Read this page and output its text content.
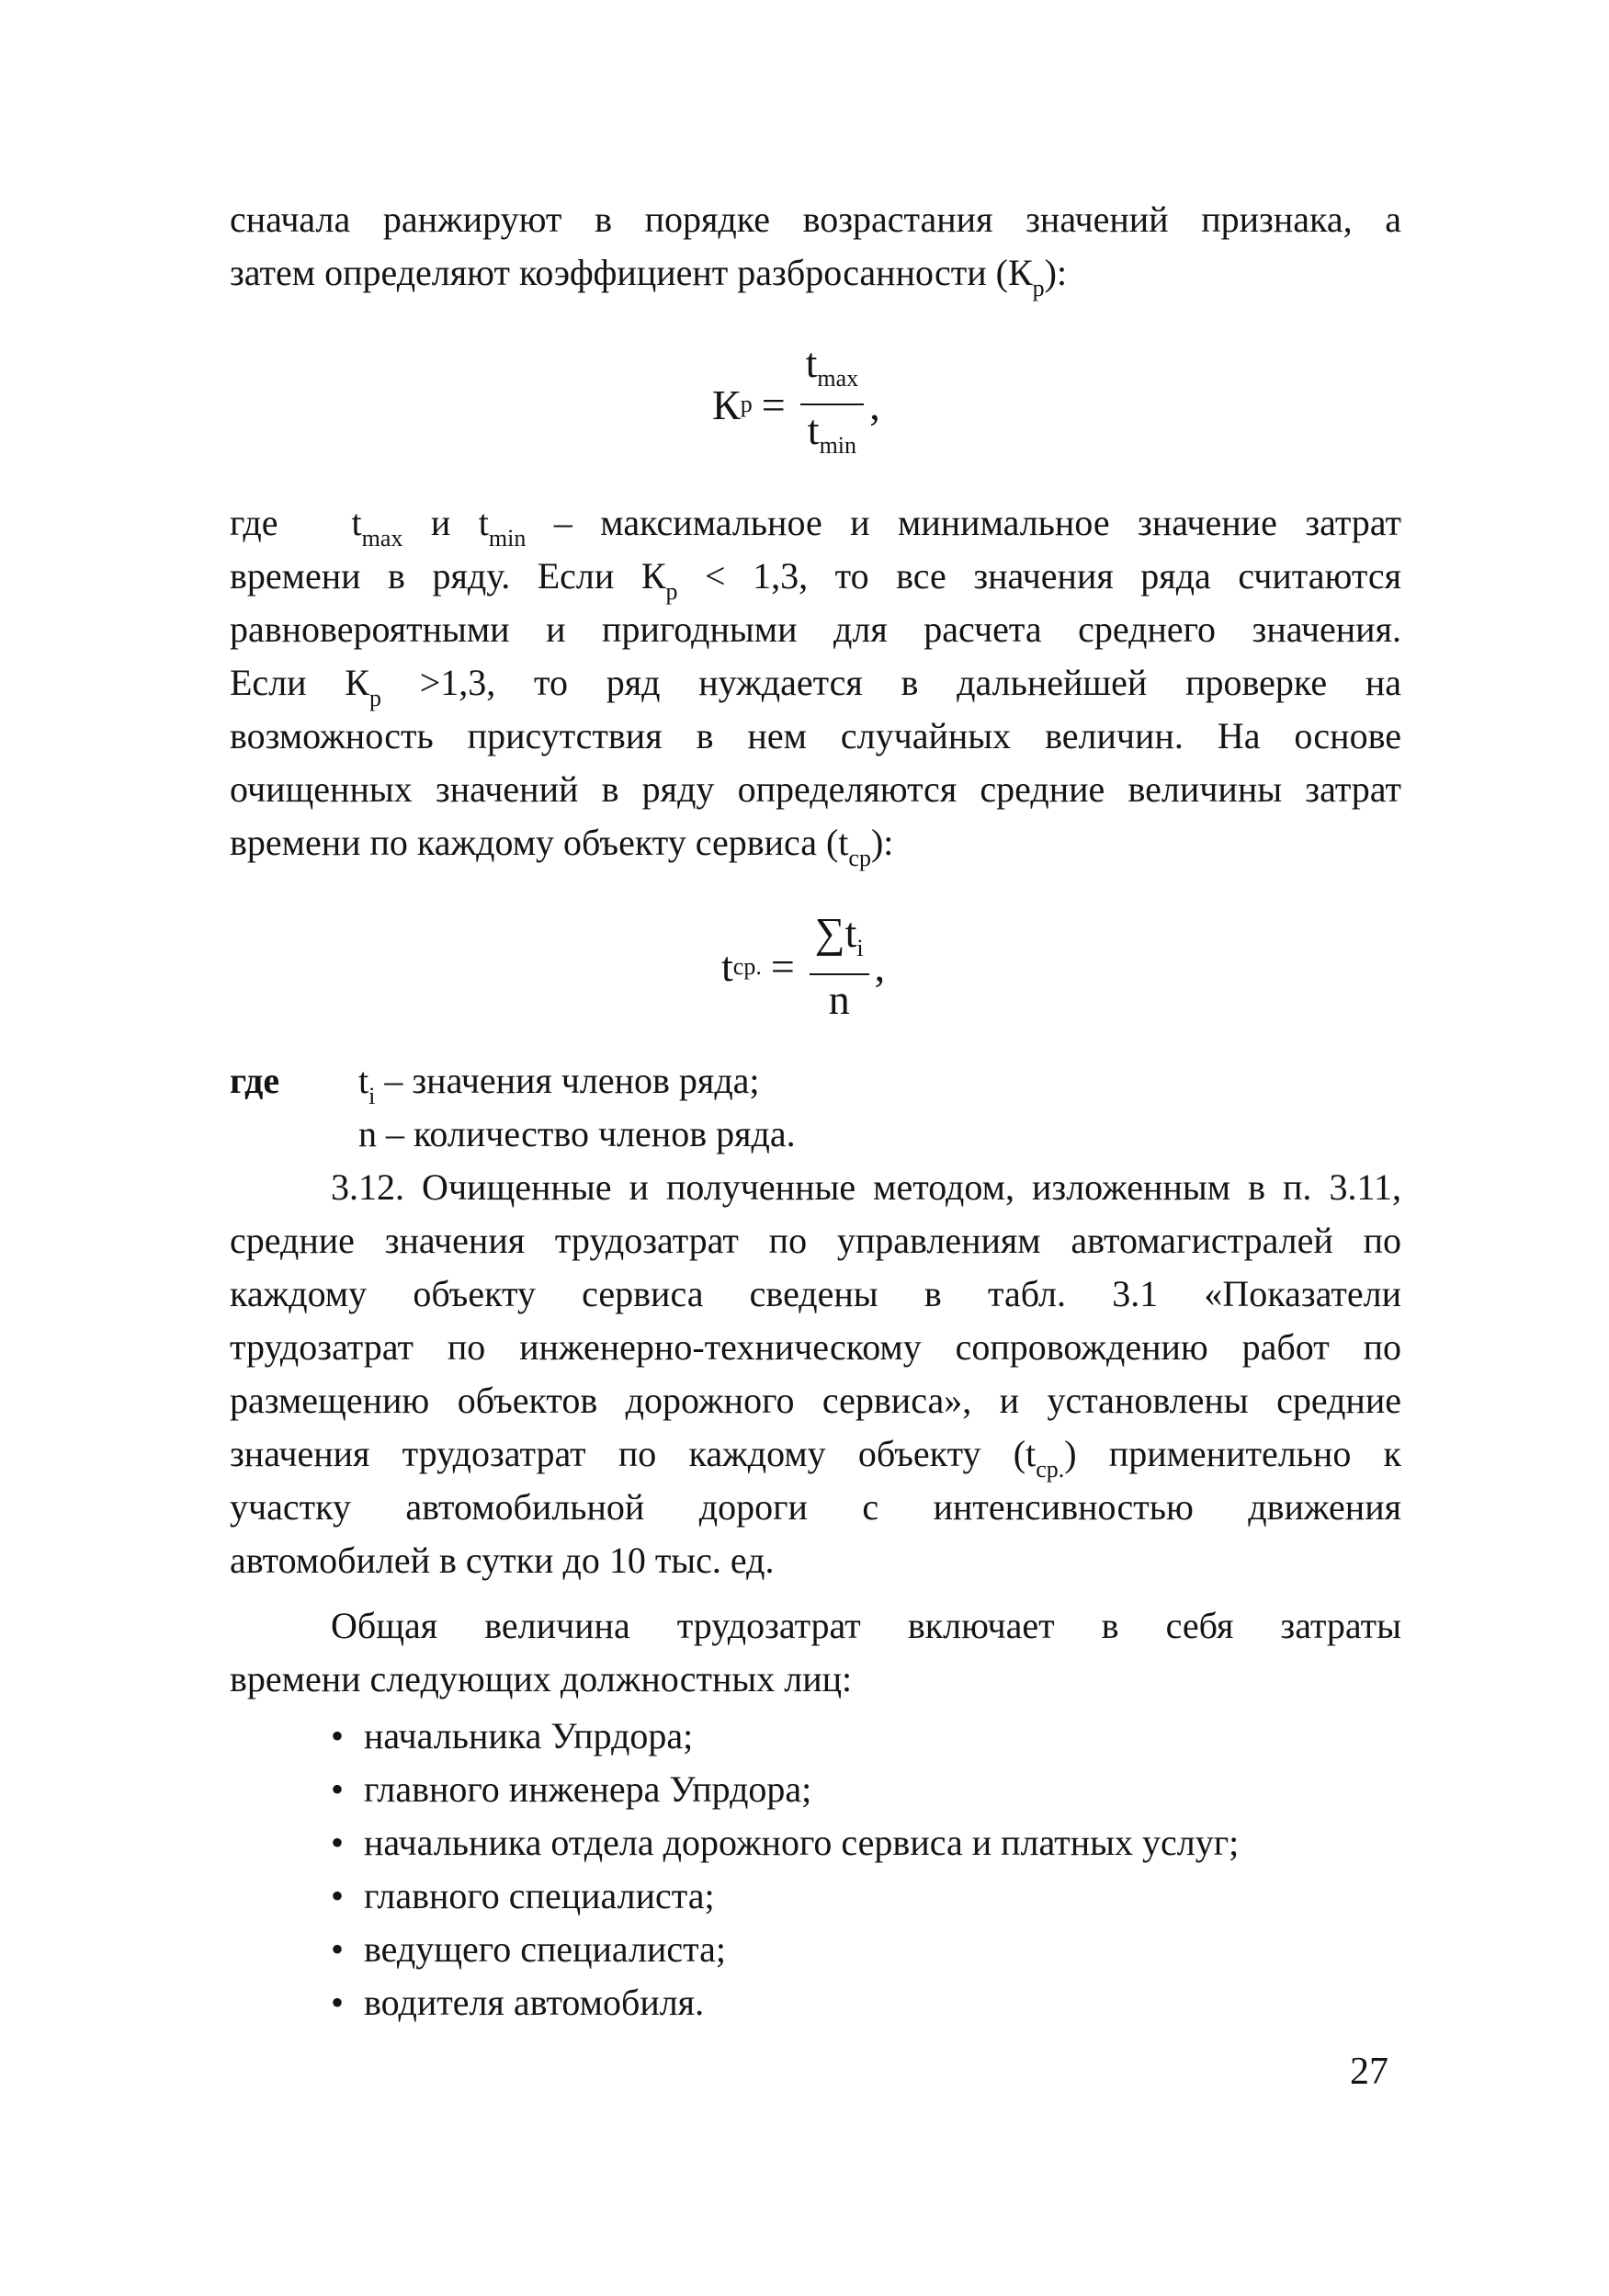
сначала ранжируют в порядке возрастания значений признака, а
затем определяют коэффициент разбросанности $(К_р)$:
К $р = \frac{t_{max}}{t_{min}}$ ,
где $t_{max}$ и $t_{min}$ – максимальное и минимальное значение затрат
времени в ряду. Если $К_р < 1,3$, то все значения ряда считаются
равновероятными и пригодными для расчета среднего значения.
Если $К_р >1,3$, то ряд нуждается в дальнейшей проверке на
возможность присутствия в нем случайных величин. На основе
очищенных значений в ряду определяются средние величины затрат
времени по каждому объекту сервиса $(t_{ср})$:
t ср. = $\frac{\sum t_i}{n}$ ,
где $t_i$ – значения членов ряда;
n – количество членов ряда.
3.12. Очищенные и полученные методом, изложенным в п. 3.11,
средние значения трудозатрат по управлениям автомагистралей по
каждому объекту сервиса сведены в табл. 3.1 «Показатели
трудозатрат по инженерно-техническому сопровождению работ по
размещению объектов дорожного сервиса», и установлены средние
значения трудозатрат по каждому объекту $(t_{ср.})$ применительно к
участку автомобильной дороги с интенсивностью движения
автомобилей в сутки до 10 тыс. ед.
Общая величина трудозатрат включает в себя затраты
времени следующих должностных лиц:
• начальника Упрдора;
• главного инженера Упрдора;
• начальника отдела дорожного сервиса и платных услуг;
• главного специалиста;
• ведущего специалиста;
• водителя автомобиля.
27
